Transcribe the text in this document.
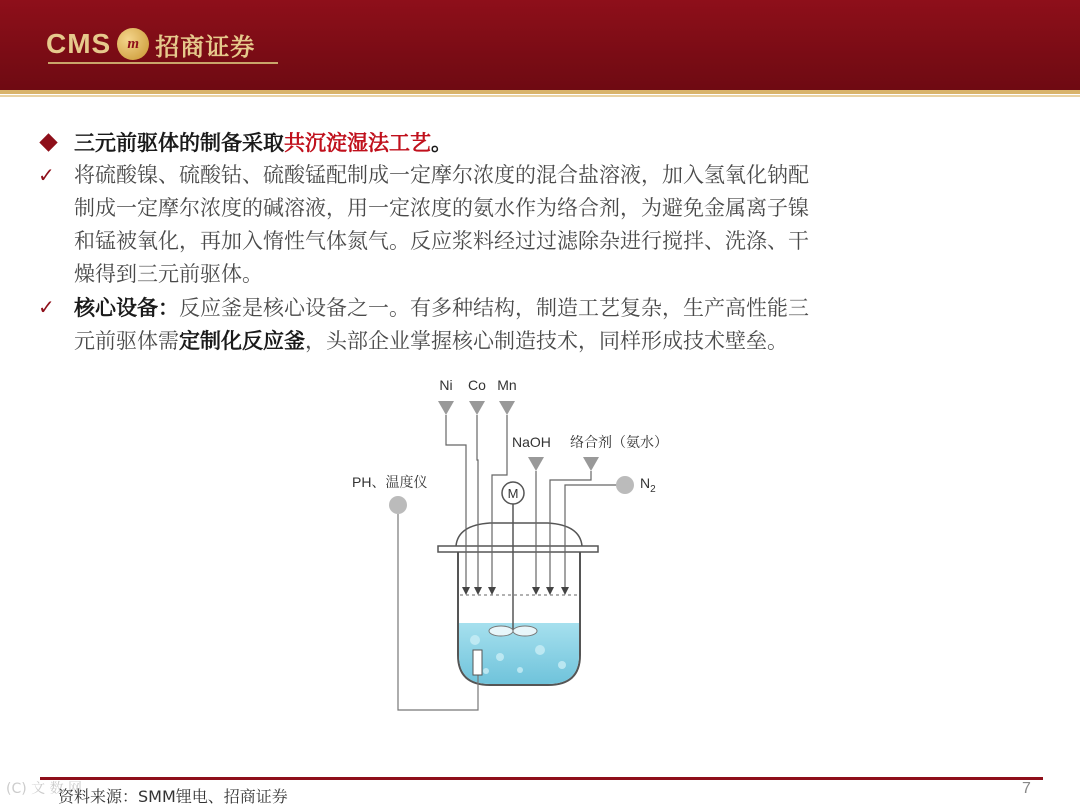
CMS	m 招商证券
三元前驱体的制备采取共沉淀湿法工艺。
✓ 将硫酸镍、硫酸钴、硫酸锰配制成一定摩尔浓度的混合盐溶液，加入氢氧化钠配
制成一定摩尔浓度的碱溶液，用一定浓度的氨水作为络合剂，为避免金属离子镍
和锰被氧化，再加入惰性气体氮气。反应浆料经过过滤除杂进行搅拌、洗涤、干
燥得到三元前驱体。
✓ 核心设备：反应釜是核心设备之一。有多种结构，制造工艺复杂，生产高性能三
元前驱体需定制化反应釜，头部企业掌握核心制造技术，同样形成技术壁垒。
M
Ni Co Mn
NaOH 络合剂（氨水）
$N_2$
PH、温度仪
(C) 文 数 网
资料来源：SMM锂电、招商证券	7
